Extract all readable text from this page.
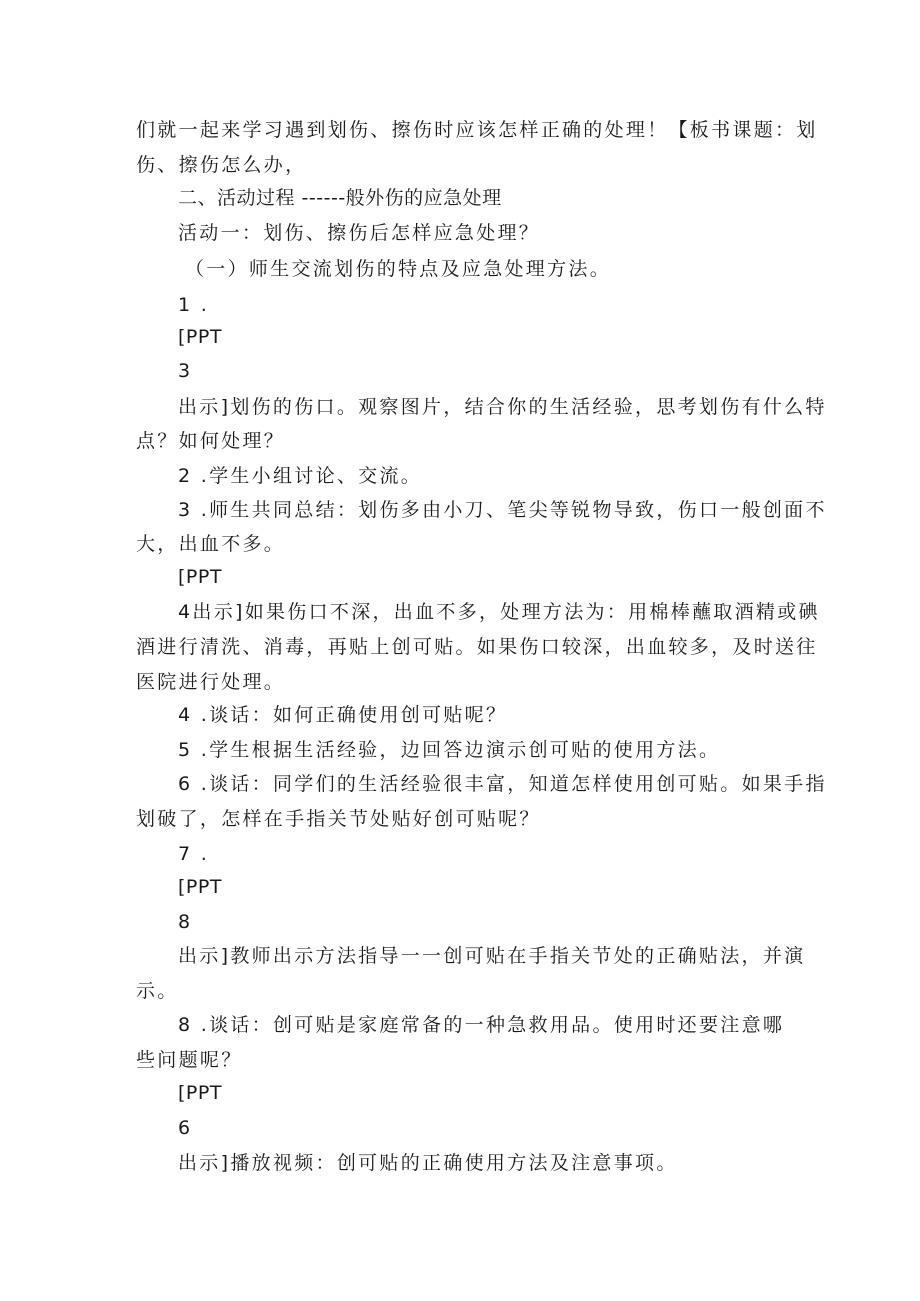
们就一起来学习遇到划伤、擦伤时应该怎样正确的处理！【板书课题：划
伤、擦伤怎么办，
二、活动过程 ------般外伤的应急处理
活动一：划伤、擦伤后怎样应急处理？
（一）师生交流划伤的特点及应急处理方法。
1 .
[PPT
3
出示]划伤的伤口。观察图片，结合你的生活经验，思考划伤有什么特
点？如何处理？
2 .学生小组讨论、交流。
3 .师生共同总结：划伤多由小刀、笔尖等锐物导致，伤口一般创面不
大，出血不多。
[PPT
4出示]如果伤口不深，出血不多，处理方法为：用棉棒蘸取酒精或碘
酒进行清洗、消毒，再贴上创可贴。如果伤口较深，出血较多，及时送往
医院进行处理。
4 .谈话：如何正确使用创可贴呢？
5 .学生根据生活经验，边回答边演示创可贴的使用方法。
6 .谈话：同学们的生活经验很丰富，知道怎样使用创可贴。如果手指
划破了，怎样在手指关节处贴好创可贴呢？
7 .
[PPT
8
出示]教师出示方法指导一一创可贴在手指关节处的正确贴法，并演
示。
8 .谈话：创可贴是家庭常备的一种急救用品。使用时还要注意哪
些问题呢？
[PPT
6
出示]播放视频：创可贴的正确使用方法及注意事项。
